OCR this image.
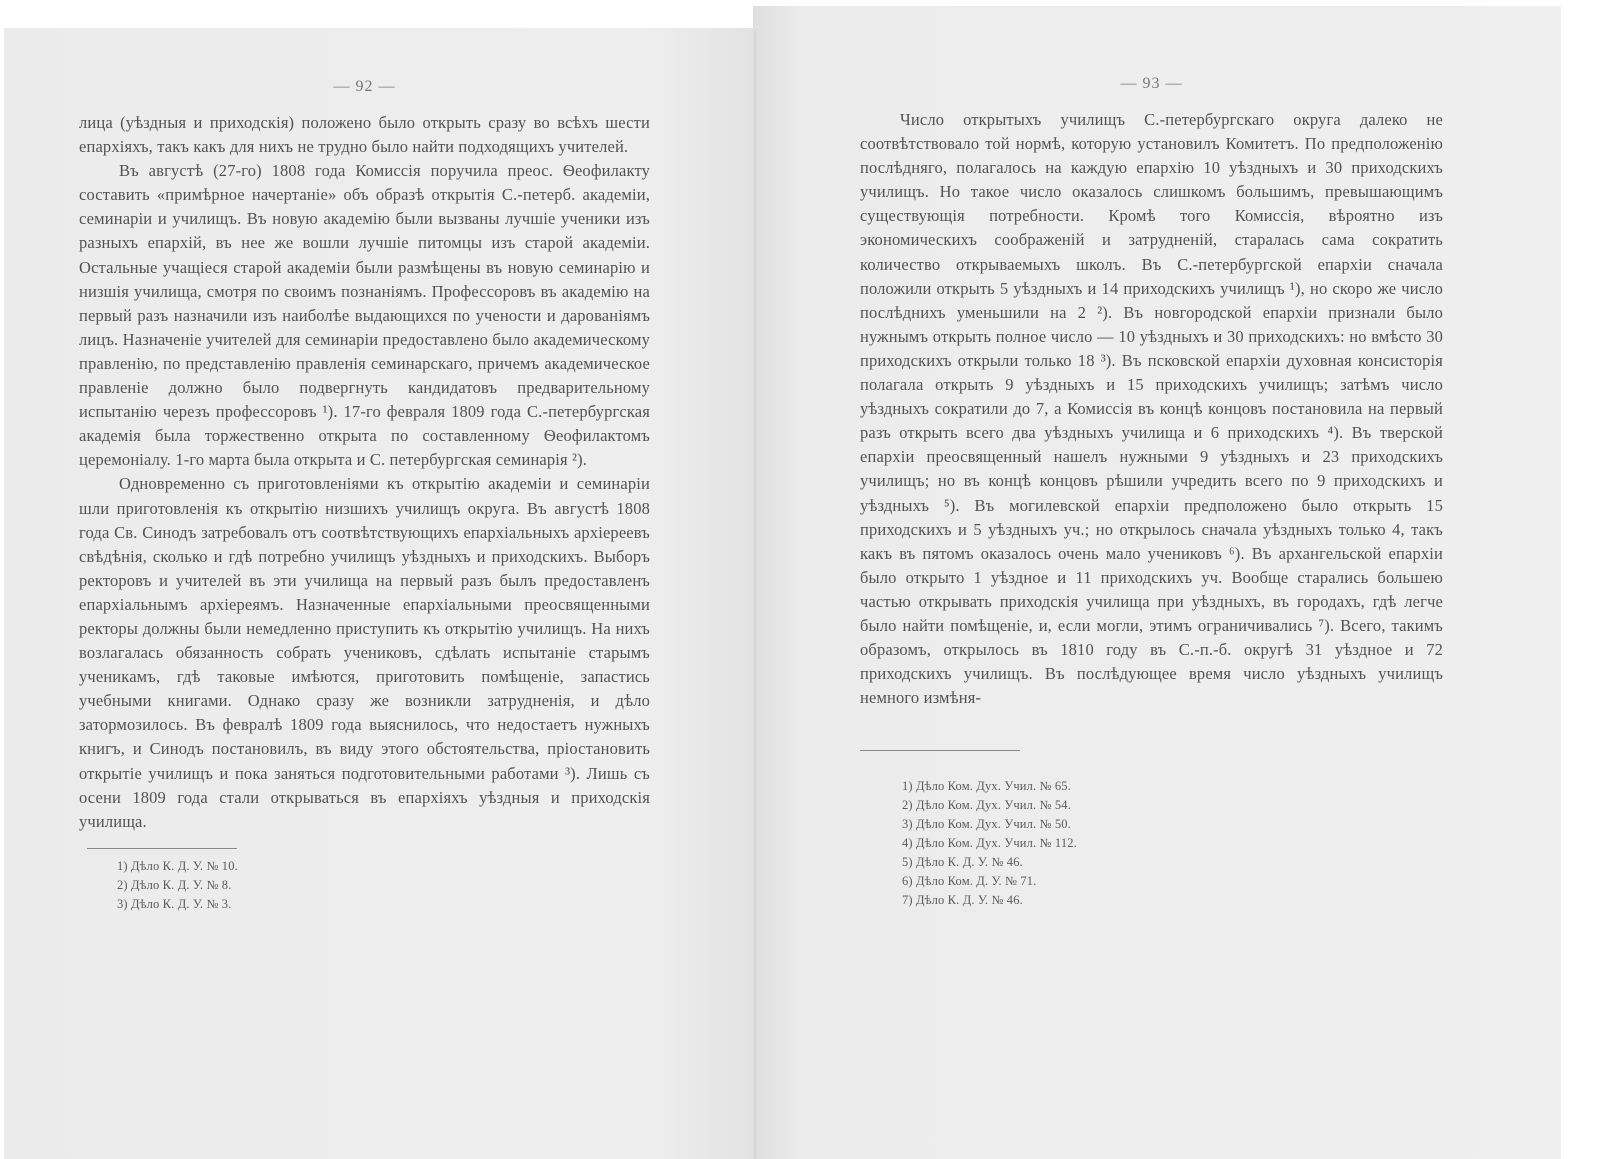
— 92 —

лица (уѣздныя и приходскія) положено было открыть сразу во всѣхъ шести епархіяхъ, такъ какъ для нихъ не трудно было найти подходящихъ учителей.

Въ августѣ (27-го) 1808 года Комиссія поручила преос. Ѳеофилакту составить «примѣрное начертаніе» объ образѣ открытія С.-петерб. академіи, семинаріи и училищъ. Въ новую академію были вызваны лучшіе ученики изъ разныхъ епархій, въ нее же вошли лучшіе питомцы изъ старой академіи. Остальные учащіеся старой академіи были размѣщены въ новую семинарію и низшія училища, смотря по своимъ познаніямъ. Профессоровъ въ академію на первый разъ назначили изъ наиболѣе выдающихся по учености и дарованіямъ лицъ. Назначеніе учителей для семинаріи предоставлено было академическому правленію, по представленію правленія семинарскаго, причемъ академическое правленіе должно было подвергнуть кандидатовъ предварительному испытанію черезъ профессоровъ ¹). 17-го февраля 1809 года С.-петербургская академія была торжественно открыта по составленному Ѳеофилактомъ церемоніалу. 1-го марта была открыта и С. петербургская семинарія ²).

Одновременно съ приготовленіями къ открытію академіи и семинаріи шли приготовленія къ открытію низшихъ училищъ округа. Въ августѣ 1808 года Св. Синодъ затребовалъ отъ соотвѣтствующихъ епархіальныхъ архіереевъ свѣдѣнія, сколько и гдѣ потребно училищъ уѣздныхъ и приходскихъ. Выборъ ректоровъ и учителей въ эти училища на первый разъ былъ предоставленъ епархіальнымъ архіереямъ. Назначенные епархіальными преосвященными ректоры должны были немедленно приступить къ открытію училищъ. На нихъ возлагалась обязанность собрать учениковъ, сдѣлать испытаніе старымъ ученикамъ, гдѣ таковые имѣются, приготовить помѣщеніе, запастись учебными книгами. Однако сразу же возникли затрудненія, и дѣло затормозилось. Въ февралѣ 1809 года выяснилось, что недостаетъ нужныхъ книгъ, и Синодъ постановилъ, въ виду этого обстоятельства, пріостановить открытіе училищъ и пока заняться подготовительными работами ³). Лишь съ осени 1809 года стали открываться въ епархіяхъ уѣздныя и приходскія училища.

1) Дѣло К. Д. У. № 10.
2) Дѣло К. Д. У. № 8.
3) Дѣло К. Д. У. № 3.
— 93 —

Число открытыхъ училищъ С.-петербургскаго округа далеко не соотвѣтствовало той нормѣ, которую установилъ Комитетъ. По предположенію послѣдняго, полагалось на каждую епархію 10 уѣздныхъ и 30 приходскихъ училищъ. Но такое число оказалось слишкомъ большимъ, превышающимъ существующія потребности. Кромѣ того Комиссія, вѣроятно изъ экономическихъ соображеній и затрудненій, старалась сама сократить количество открываемыхъ школъ. Въ С.-петербургской епархіи сначала положили открыть 5 уѣздныхъ и 14 приходскихъ училищъ ¹), но скоро же число послѣднихъ уменьшили на 2 ²). Въ новгородской епархіи признали было нужнымъ открыть полное число — 10 уѣздныхъ и 30 приходскихъ: но вмѣсто 30 приходскихъ открыли только 18 ³). Въ псковской епархіи духовная консисторія полагала открыть 9 уѣздныхъ и 15 приходскихъ училищъ; затѣмъ число уѣздныхъ сократили до 7, а Комиссія въ концѣ концовъ постановила на первый разъ открыть всего два уѣздныхъ училища и 6 приходскихъ ⁴). Въ тверской епархіи преосвященный нашелъ нужными 9 уѣздныхъ и 23 приходскихъ училищъ; но въ концѣ концовъ рѣшили учредить всего по 9 приходскихъ и уѣздныхъ ⁵). Въ могилевской епархіи предположено было открыть 15 приходскихъ и 5 уѣздныхъ уч.; но открылось сначала уѣздныхъ только 4, такъ какъ въ пятомъ оказалось очень мало учениковъ ⁶). Въ архангельской епархіи было открыто 1 уѣздное и 11 приходскихъ уч. Вообще старались большею частью открывать приходскія училища при уѣздныхъ, въ городахъ, гдѣ легче было найти помѣщеніе, и, если могли, этимъ ограничивались ⁷). Всего, такимъ образомъ, открылось въ 1810 году въ С.-п.-б. округѣ 31 уѣздное и 72 приходскихъ училищъ. Въ послѣдующее время число уѣздныхъ училищъ немного измѣня-

1) Дѣло Ком. Дух. Учил. № 65.
2) Дѣло Ком. Дух. Учил. № 54.
3) Дѣло Ком. Дух. Учил. № 50.
4) Дѣло Ком. Дух. Учил. № 112.
5) Дѣло К. Д. У. № 46.
6) Дѣло Ком. Д. У. № 71.
7) Дѣло К. Д. У. № 46.
